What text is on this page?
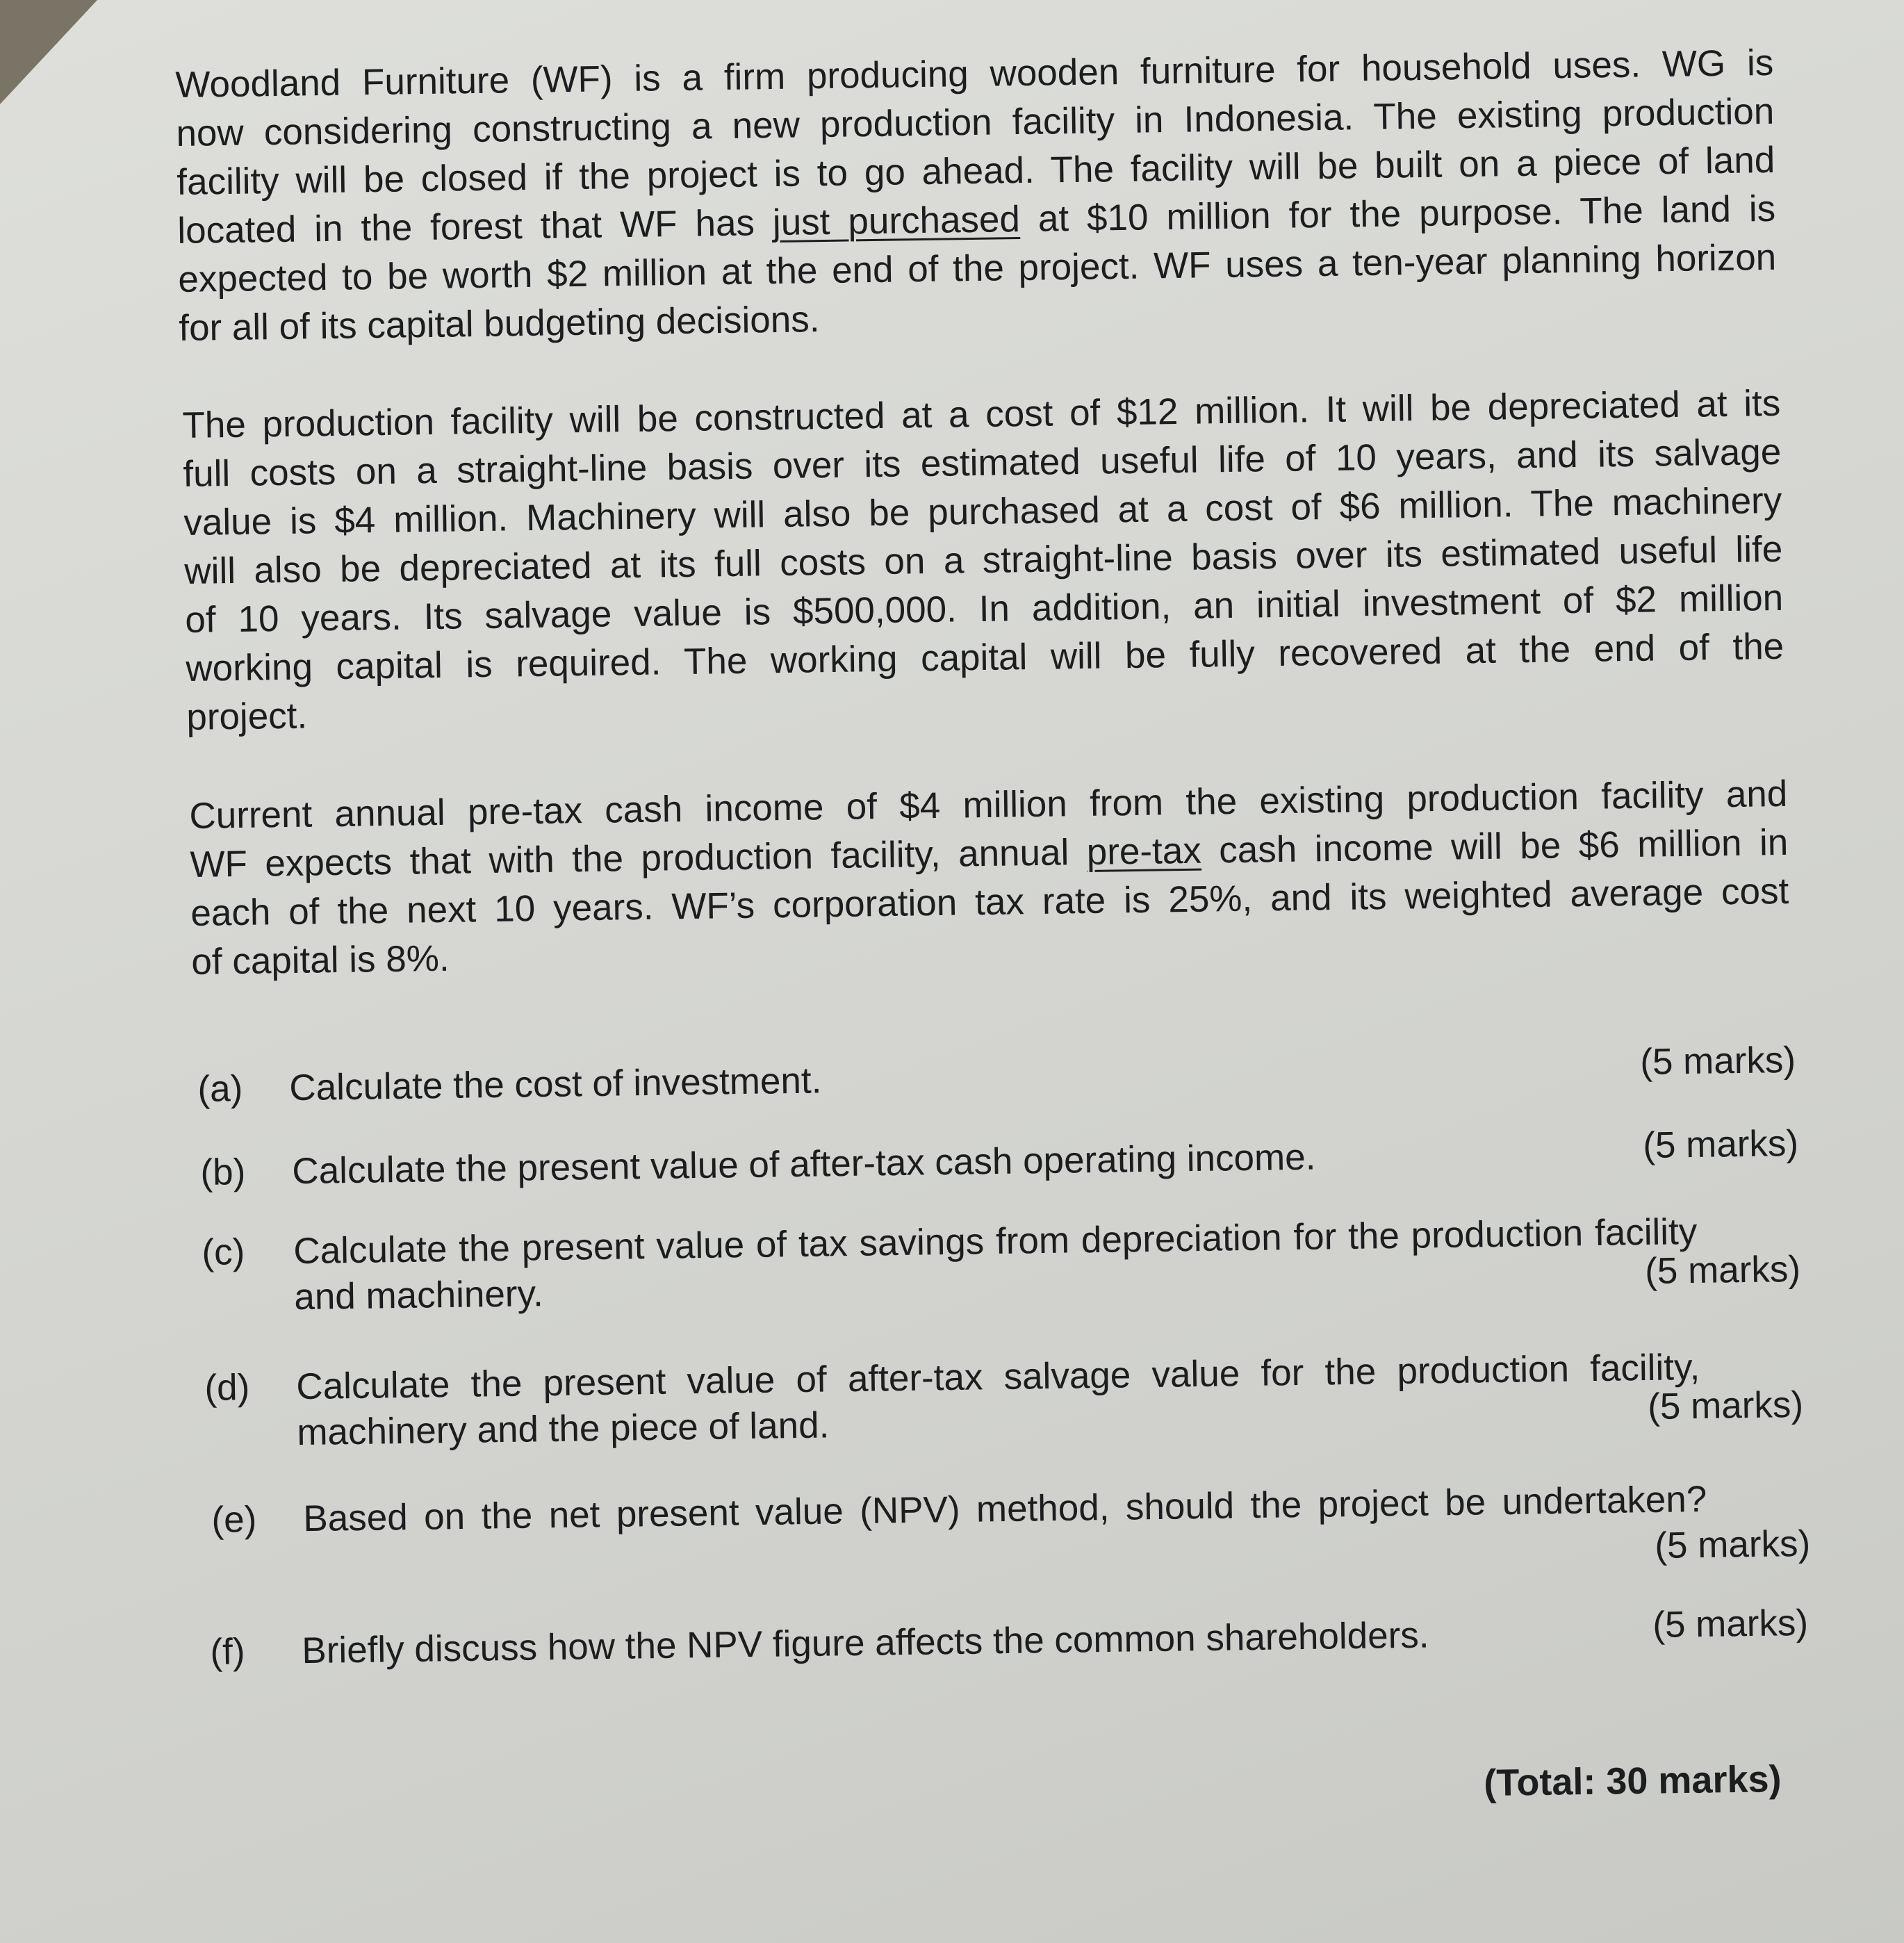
Woodland Furniture (WF) is a firm producing wooden furniture for household uses. WG is
now considering constructing a new production facility in Indonesia. The existing production
facility will be closed if the project is to go ahead. The facility will be built on a piece of land
located in the forest that WF has just purchased at $10 million for the purpose. The land is
expected to be worth $2 million at the end of the project. WF uses a ten-year planning horizon
for all of its capital budgeting decisions.
The production facility will be constructed at a cost of $12 million. It will be depreciated at its
full costs on a straight-line basis over its estimated useful life of 10 years, and its salvage
value is $4 million. Machinery will also be purchased at a cost of $6 million. The machinery
will also be depreciated at its full costs on a straight-line basis over its estimated useful life
of 10 years. Its salvage value is $500,000. In addition, an initial investment of $2 million
working capital is required. The working capital will be fully recovered at the end of the
project.
Current annual pre-tax cash income of $4 million from the existing production facility and
WF expects that with the production facility, annual pre-tax cash income will be $6 million in
each of the next 10 years. WF’s corporation tax rate is 25%, and its weighted average cost
of capital is 8%.
(a) Calculate the cost of investment.	(5 marks)
(b) Calculate the present value of after-tax cash operating income.	(5 marks)
(c) Calculate the present value of tax savings from depreciation for the production facility
and machinery.
(5 marks)
(d) Calculate the present value of after-tax salvage value for the production facility,
machinery and the piece of land.	(5 marks)
(e) Based on the net present value (NPV) method, should the project be undertaken?
(5 marks)
(f) Briefly discuss how the NPV figure affects the common shareholders.	(5 marks)
(Total: 30 marks)
